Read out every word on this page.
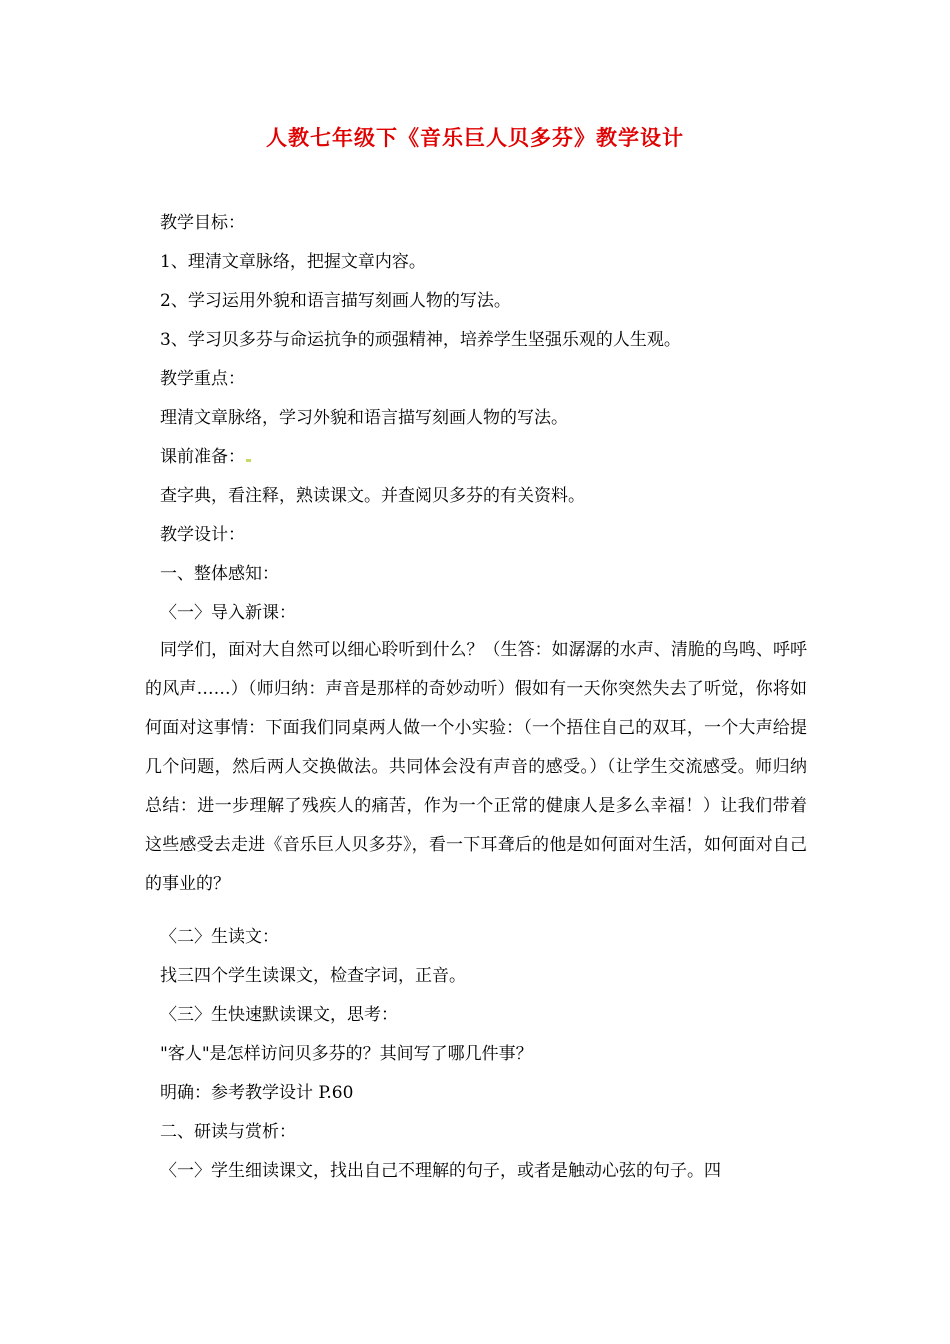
人教七年级下《音乐巨人贝多芬》教学设计
教学目标：
1、理清文章脉络，把握文章内容。
2、学习运用外貌和语言描写刻画人物的写法。
3、学习贝多芬与命运抗争的顽强精神，培养学生坚强乐观的人生观。
教学重点：
理清文章脉络，学习外貌和语言描写刻画人物的写法。
课前准备：
查字典，看注释，熟读课文。并查阅贝多芬的有关资料。
教学设计：
一、整体感知：
〈一〉导入新课：
同学们，面对大自然可以细心聆听到什么？（生答：如潺潺的水声、清脆的鸟鸣、呼呼的风声……）（师归纳：声音是那样的奇妙动听）假如有一天你突然失去了听觉，你将如何面对这事情：下面我们同桌两人做一个小实验：（一个捂住自己的双耳，一个大声给提几个问题，然后两人交换做法。共同体会没有声音的感受。）（让学生交流感受。师归纳总结：进一步理解了残疾人的痛苦，作为一个正常的健康人是多么幸福！）让我们带着这些感受去走进《音乐巨人贝多芬》，看一下耳聋后的他是如何面对生活，如何面对自己的事业的？
〈二〉生读文：
找三四个学生读课文，检查字词，正音。
〈三〉生快速默读课文，思考：
"客人"是怎样访问贝多芬的？其间写了哪几件事？
明确：参考教学设计 P.60
二、研读与赏析：
〈一〉学生细读课文，找出自己不理解的句子，或者是触动心弦的句子。四
